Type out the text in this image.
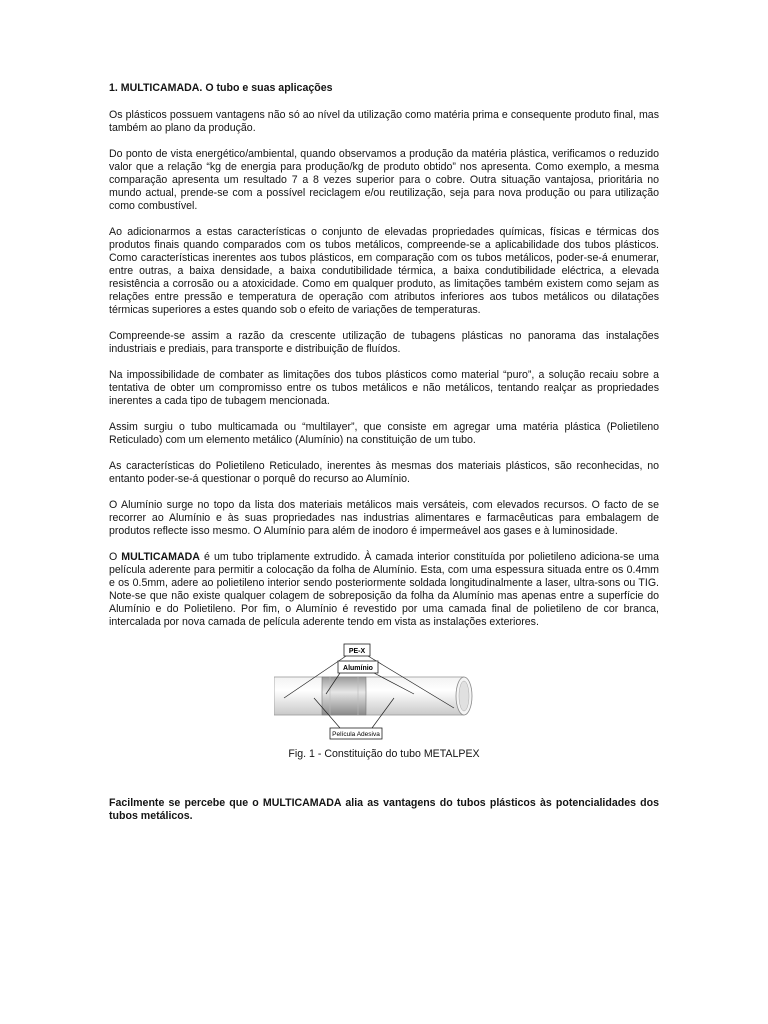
1. MULTICAMADA. O tubo e suas aplicações

Os plásticos possuem vantagens não só ao nível da utilização como matéria prima e consequente produto final, mas também ao plano da produção.

Do ponto de vista energético/ambiental, quando observamos a produção da matéria plástica, verificamos o reduzido valor que a relação “kg de energia para produção/kg de produto obtido” nos apresenta. Como exemplo, a mesma comparação apresenta um resultado 7 a 8 vezes superior para o cobre. Outra situação vantajosa, prioritária no mundo actual, prende-se com a possível reciclagem e/ou reutilização, seja para nova produção ou para utilização como combustível.

Ao adicionarmos a estas características o conjunto de elevadas propriedades químicas, físicas e térmicas dos produtos finais quando comparados com os tubos metálicos, compreende-se a aplicabilidade dos tubos plásticos. Como características inerentes aos tubos plásticos, em comparação com os tubos metálicos, poder-se-á enumerar, entre outras, a baixa densidade, a baixa condutibilidade térmica, a baixa condutibilidade eléctrica, a elevada resistência a corrosão ou a atoxicidade. Como em qualquer produto, as limitações também existem como sejam as relações entre pressão e temperatura de operação com atributos inferiores aos tubos metálicos ou dilatações térmicas superiores a estes quando sob o efeito de variações de temperaturas.

Compreende-se assim a razão da crescente utilização de tubagens plásticas no panorama das instalações industriais e prediais, para transporte e distribuição de fluídos.

Na impossibilidade de combater as limitações dos tubos plásticos como material “puro”, a solução recaiu sobre a tentativa de obter um compromisso entre os tubos metálicos e não metálicos, tentando realçar as propriedades inerentes a cada tipo de tubagem mencionada.

Assim surgiu o tubo multicamada ou “multilayer”, que consiste em agregar uma matéria plástica (Polietileno Reticulado) com um elemento metálico (Alumínio) na constituição de um tubo.

As características do Polietileno Reticulado, inerentes às mesmas dos materiais plásticos, são reconhecidas, no entanto poder-se-á questionar o porquê do recurso ao Alumínio.

O Alumínio surge no topo da lista dos materiais metálicos mais versáteis, com elevados recursos. O facto de se recorrer ao Alumínio e às suas propriedades nas industrias alimentares e farmacêuticas para embalagem de produtos reflecte isso mesmo. O Alumínio para além de inodoro é impermeável aos gases e à luminosidade.

O MULTICAMADA é um tubo triplamente extrudido. À camada interior constituída por polietileno adiciona-se uma película aderente para permitir a colocação da folha de Alumínio. Esta, com uma espessura situada entre os 0.4mm e os 0.5mm, adere ao polietileno interior sendo posteriormente soldada longitudinalmente a laser, ultra-sons ou TIG. Note-se que não existe qualquer colagem de sobreposição da folha da Alumínio mas apenas entre a superfície do Alumínio e do Polietileno. Por fim, o Alumínio é revestido por uma camada final de polietileno de cor branca, intercalada por nova camada de película aderente tendo em vista as instalações exteriores.

PE-X
Alumínio
Película Adesiva
Fig. 1 - Constituição do tubo METALPEX

Facilmente se percebe que o MULTICAMADA alia as vantagens do tubos plásticos às potencialidades dos tubos metálicos.
